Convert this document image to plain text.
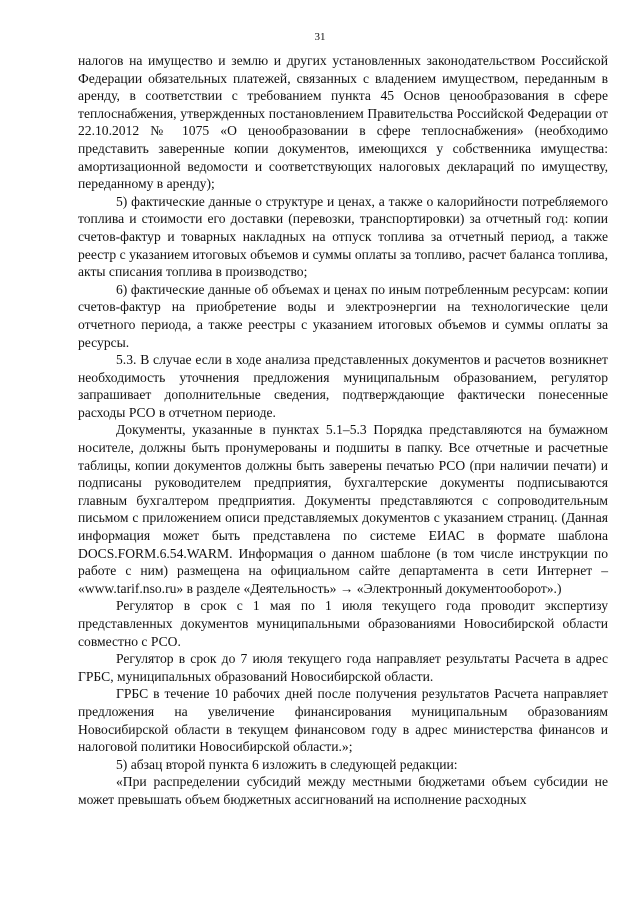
31

налогов на имущество и землю и других установленных законодательством Российской Федерации обязательных платежей, связанных с владением имуществом, переданным в аренду, в соответствии с требованием пункта 45 Основ ценообразования в сфере теплоснабжения, утвержденных постановлением Правительства Российской Федерации от 22.10.2012 № 1075 «О ценообразовании в сфере теплоснабжения» (необходимо представить заверенные копии документов, имеющихся у собственника имущества: амортизационной ведомости и соответствующих налоговых деклараций по имуществу, переданному в аренду);

5) фактические данные о структуре и ценах, а также о калорийности потребляемого топлива и стоимости его доставки (перевозки, транспортировки) за отчетный год: копии счетов-фактур и товарных накладных на отпуск топлива за отчетный период, а также реестр с указанием итоговых объемов и суммы оплаты за топливо, расчет баланса топлива, акты списания топлива в производство;

6) фактические данные об объемах и ценах по иным потребленным ресурсам: копии счетов-фактур на приобретение воды и электроэнергии на технологические цели отчетного периода, а также реестры с указанием итоговых объемов и суммы оплаты за ресурсы.

5.3. В случае если в ходе анализа представленных документов и расчетов возникнет необходимость уточнения предложения муниципальным образованием, регулятор запрашивает дополнительные сведения, подтверждающие фактически понесенные расходы РСО в отчетном периоде.

Документы, указанные в пунктах 5.1–5.3 Порядка представляются на бумажном носителе, должны быть пронумерованы и подшиты в папку. Все отчетные и расчетные таблицы, копии документов должны быть заверены печатью РСО (при наличии печати) и подписаны руководителем предприятия, бухгалтерские документы подписываются главным бухгалтером предприятия. Документы представляются с сопроводительным письмом с приложением описи представляемых документов с указанием страниц. (Данная информация может быть представлена по системе ЕИАС в формате шаблона DOCS.FORM.6.54.WARM. Информация о данном шаблоне (в том числе инструкции по работе с ним) размещена на официальном сайте департамента в сети Интернет – «www.tarif.nso.ru» в разделе «Деятельность» → «Электронный документооборот».)

Регулятор в срок с 1 мая по 1 июля текущего года проводит экспертизу представленных документов муниципальными образованиями Новосибирской области совместно с РСО.

Регулятор в срок до 7 июля текущего года направляет результаты Расчета в адрес ГРБС, муниципальных образований Новосибирской области.

ГРБС в течение 10 рабочих дней после получения результатов Расчета направляет предложения на увеличение финансирования муниципальным образованиям Новосибирской области в текущем финансовом году в адрес министерства финансов и налоговой политики Новосибирской области.»;

5) абзац второй пункта 6 изложить в следующей редакции:

«При распределении субсидий между местными бюджетами объем субсидии не может превышать объем бюджетных ассигнований на исполнение расходных
